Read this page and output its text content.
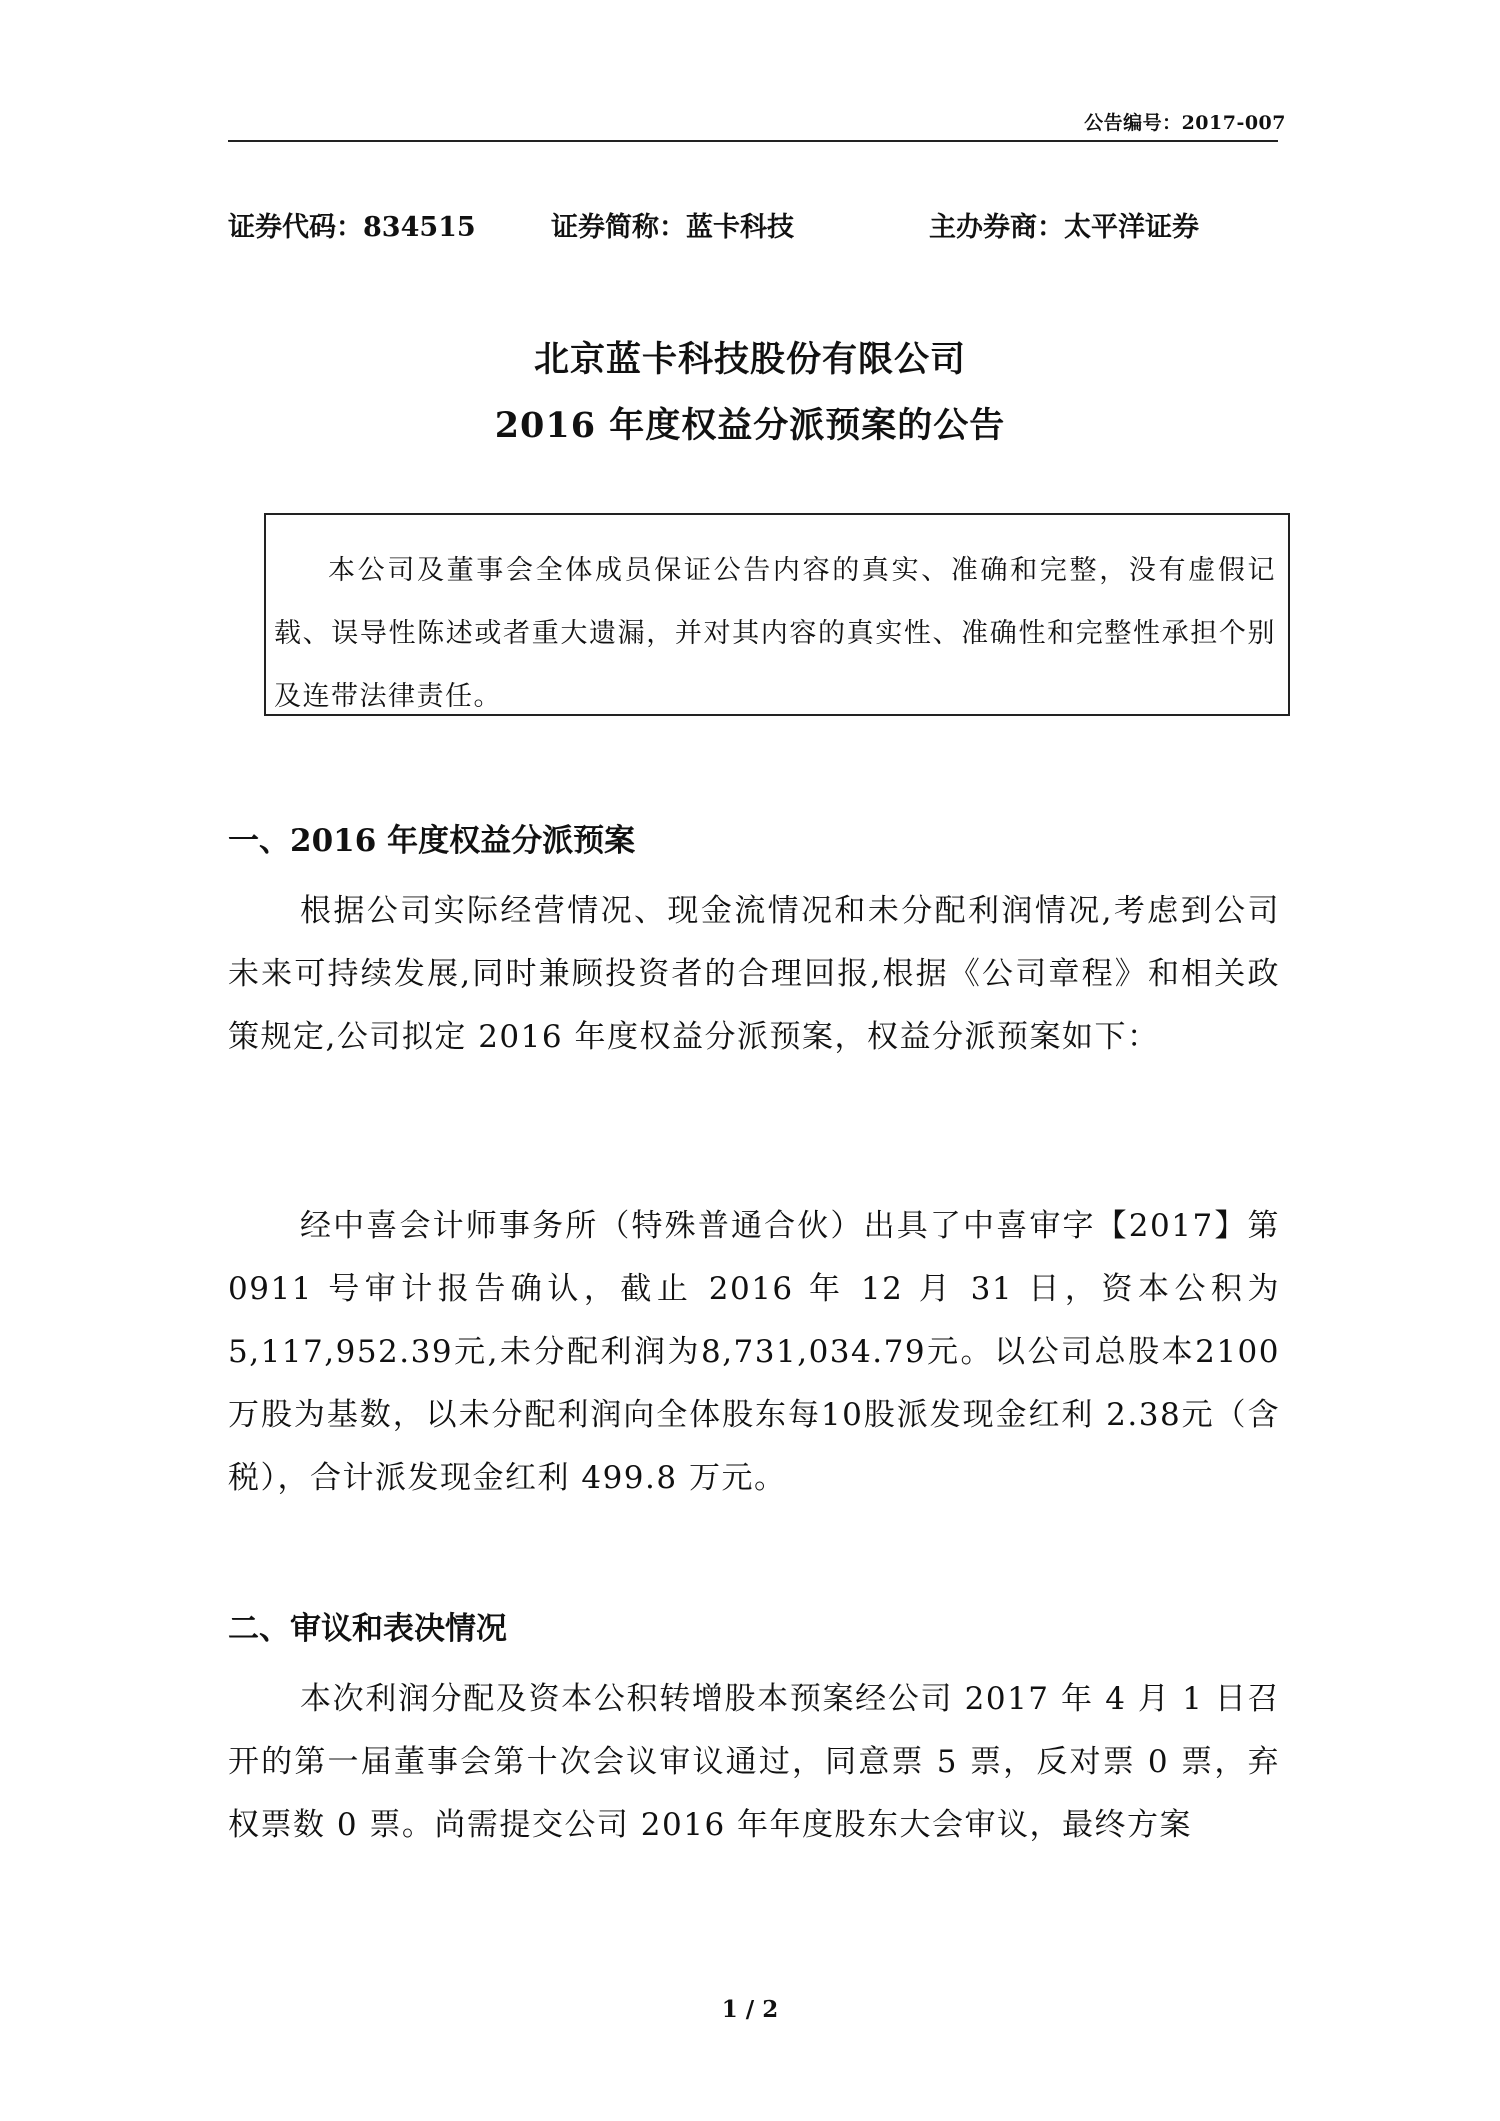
公告编号：2017-007
证券代码：834515	证券简称：蓝卡科技	主办券商：太平洋证券
北京蓝卡科技股份有限公司
2016 年度权益分派预案的公告
本公司及董事会全体成员保证公告内容的真实、准确和完整，没有虚假记载、误导性陈述或者重大遗漏，并对其内容的真实性、准确性和完整性承担个别及连带法律责任。
一、2016 年度权益分派预案

根据公司实际经营情况、现金流情况和未分配利润情况,考虑到公司未来可持续发展,同时兼顾投资者的合理回报,根据《公司章程》和相关政策规定,公司拟定 2016 年度权益分派预案，权益分派预案如下：

经中喜会计师事务所（特殊普通合伙）出具了中喜审字【2017】第 0911 号审计报告确认，截止 2016 年 12 月 31 日，资本公积为 5,117,952.39元,未分配利润为8,731,034.79元。以公司总股本2100万股为基数，以未分配利润向全体股东每10股派发现金红利 2.38元（含税），合计派发现金红利 499.8 万元。

二、审议和表决情况

本次利润分配及资本公积转增股本预案经公司 2017 年 4 月 1 日召开的第一届董事会第十次会议审议通过，同意票 5 票，反对票 0 票，弃权票数 0 票。尚需提交公司 2016 年年度股东大会审议，最终方案

1 / 2
